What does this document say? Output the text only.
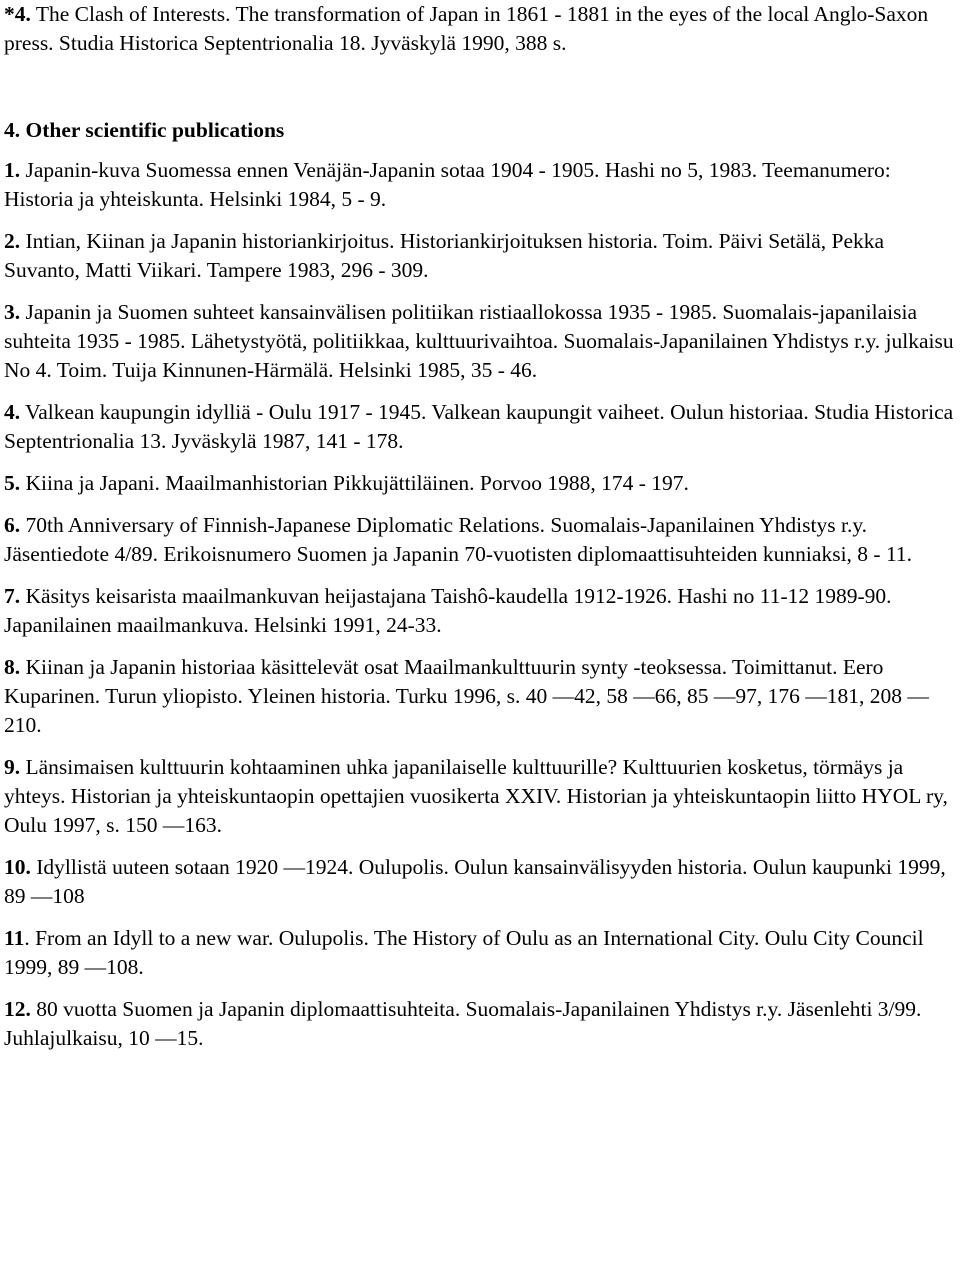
*4. The Clash of Interests. The transformation of Japan in 1861 - 1881 in the eyes of the local Anglo-Saxon press. Studia Historica Septentrionalia 18. Jyväskylä 1990, 388 s.

4. Other scientific publications

1. Japanin-kuva Suomessa ennen Venäjän-Japanin sotaa 1904 - 1905. Hashi no 5, 1983. Teemanumero: Historia ja yhteiskunta. Helsinki 1984, 5 - 9.

2. Intian, Kiinan ja Japanin historiankirjoitus. Historiankirjoituksen historia. Toim. Päivi Setälä, Pekka Suvanto, Matti Viikari. Tampere 1983, 296 - 309.

3. Japanin ja Suomen suhteet kansainvälisen politiikan ristiaallokossa 1935 - 1985. Suomalais-japanilaisia suhteita 1935 - 1985. Lähetystyötä, politiikkaa, kulttuurivaihtoa. Suomalais-Japanilainen Yhdistys r.y. julkaisu No 4. Toim. Tuija Kinnunen-Härmälä. Helsinki 1985, 35 - 46.

4. Valkean kaupungin idylliä - Oulu 1917 - 1945. Valkean kaupungit vaiheet. Oulun historiaa. Studia Historica Septentrionalia 13. Jyväskylä 1987, 141 - 178.

5. Kiina ja Japani. Maailmanhistorian Pikkujättiläinen. Porvoo 1988, 174 - 197.

6. 70th Anniversary of Finnish-Japanese Diplomatic Relations. Suomalais-Japanilainen Yhdistys r.y. Jäsentiedote 4/89. Erikoisnumero Suomen ja Japanin 70-vuotisten diplomaattisuhteiden kunniaksi, 8 - 11.

7. Käsitys keisarista maailmankuvan heijastajana Taishô-kaudella 1912-1926. Hashi no 11-12 1989-90. Japanilainen maailmankuva. Helsinki 1991, 24-33.

8. Kiinan ja Japanin historiaa käsittelevät osat Maailmankulttuurin synty -teoksessa. Toimittanut. Eero Kuparinen. Turun yliopisto. Yleinen historia. Turku 1996, s. 40 —42, 58 —66, 85 —97, 176 —181, 208 —210.

9. Länsimaisen kulttuurin kohtaaminen uhka japanilaiselle kulttuurille? Kulttuurien kosketus, törmäys ja yhteys. Historian ja yhteiskuntaopin opettajien vuosikerta XXIV. Historian ja yhteiskuntaopin liitto HYOL ry, Oulu 1997, s. 150 —163.

10. Idyllistä uuteen sotaan 1920 —1924. Oulupolis. Oulun kansainvälisyyden historia. Oulun kaupunki 1999, 89 —108

11. From an Idyll to a new war. Oulupolis. The History of Oulu as an International City. Oulu City Council 1999, 89 —108.

12. 80 vuotta Suomen ja Japanin diplomaattisuhteita. Suomalais-Japanilainen Yhdistys r.y. Jäsenlehti 3/99. Juhlajulkaisu, 10 —15.
